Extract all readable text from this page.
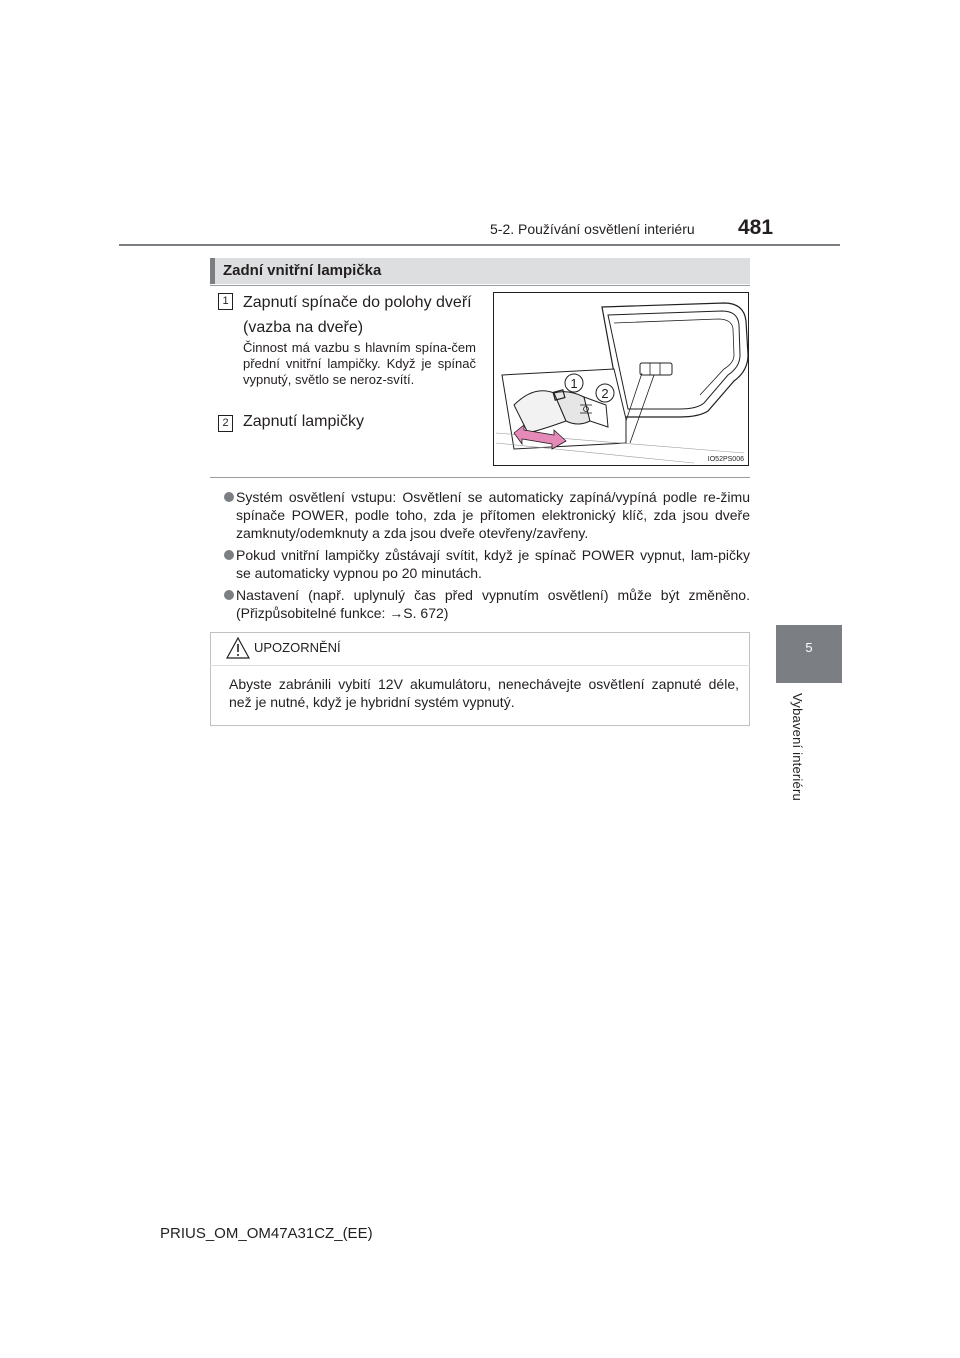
5-2. Používání osvětlení interiéru 481
5
Vybavení interiéru
Zadní vnitřní lampička
1 Zapnutí spínače do polohy dveří (vazba na dveře)
Činnost má vazbu s hlavním spína-čem přední vnitřní lampičky. Když je spínač vypnutý, světlo se neroz-svítí.
2 Zapnutí lampičky
1
2
IO52PS006
Systém osvětlení vstupu: Osvětlení se automaticky zapíná/vypíná podle re-žimu spínače POWER, podle toho, zda je přítomen elektronický klíč, zda jsou dveře zamknuty/odemknuty a zda jsou dveře otevřeny/zavřeny.
Pokud vnitřní lampičky zůstávají svítit, když je spínač POWER vypnut, lam-pičky se automaticky vypnou po 20 minutách.
Nastavení (např. uplynulý čas před vypnutím osvětlení) může být změněno. (Přizpůsobitelné funkce: →S. 672)
UPOZORNĚNÍ
Abyste zabránili vybití 12V akumulátoru, nenechávejte osvětlení zapnuté déle, než je nutné, když je hybridní systém vypnutý.
PRIUS_OM_OM47A31CZ_(EE)
